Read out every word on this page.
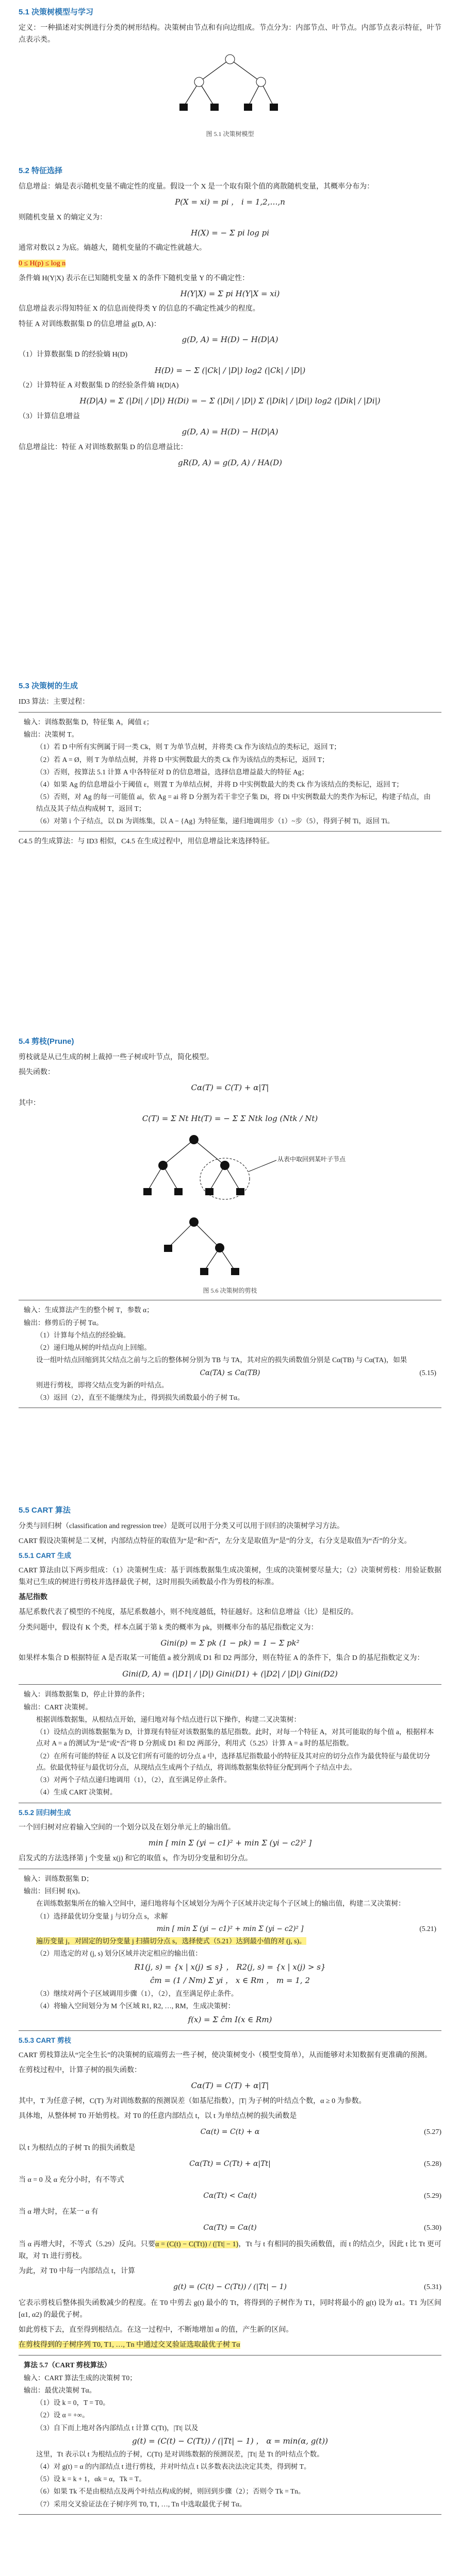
5.1 决策树模型与学习

定义：一种描述对实例进行分类的树形结构。决策树由节点和有向边组成。节点分为：内部节点、叶节点。内部节点表示特征，叶节点表示类。

图 5.1 决策树模型
5.2 特征选择

信息增益：熵是表示随机变量不确定性的度量。假设一个 X 是一个取有限个值的离散随机变量，其概率分布为：

P(X = xi) = pi ， i = 1,2,…,n

则随机变量 X 的熵定义为：

H(X) = − Σ pi log pi

通常对数以 2 为底。熵越大，随机变量的不确定性就越大。

0 ≤ H(p) ≤ log n

条件熵 H(Y|X) 表示在已知随机变量 X 的条件下随机变量 Y 的不确定性：

H(Y|X) = Σ pi H(Y|X = xi)

信息增益表示得知特征 X 的信息而使得类 Y 的信息的不确定性减少的程度。

特征 A 对训练数据集 D 的信息增益 g(D, A)：

g(D, A) = H(D) − H(D|A)

（1）计算数据集 D 的经验熵 H(D)

H(D) = − Σ (|Ck| / |D|) log2 (|Ck| / |D|)

（2）计算特征 A 对数据集 D 的经验条件熵 H(D|A)

H(D|A) = Σ (|Di| / |D|) H(Di) = − Σ (|Di| / |D|) Σ (|Dik| / |Di|) log2 (|Dik| / |Di|)

（3）计算信息增益

g(D, A) = H(D) − H(D|A)

信息增益比：特征 A 对训练数据集 D 的信息增益比：

gR(D, A) = g(D, A) / HA(D)
5.3 决策树的生成

ID3 算法：主要过程：

输入：训练数据集 D，特征集 A，阈值 ε；
输出：决策树 T。
（1）若 D 中所有实例属于同一类 Ck，则 T 为单节点树，并将类 Ck 作为该结点的类标记，返回 T；
（2）若 A = Ø，则 T 为单结点树，并将 D 中实例数最大的类 Ck 作为该结点的类标记，返回 T；
（3）否则，按算法 5.1 计算 A 中各特征对 D 的信息增益，选择信息增益最大的特征 Ag；
（4）如果 Ag 的信息增益小于阈值 ε，则置 T 为单结点树，并将 D 中实例数最大的类 Ck 作为该结点的类标记，返回 T；
（5）否则，对 Ag 的每一可能值 ai，依 Ag = ai 将 D 分割为若干非空子集 Di，将 Di 中实例数最大的类作为标记，构建子结点，由结点及其子结点构成树 T，返回 T；
（6）对第 i 个子结点，以 Di 为训练集，以 A − {Ag} 为特征集，递归地调用步（1）~步（5），得到子树 Ti，返回 Ti。

C4.5 的生成算法：与 ID3 相似，C4.5 在生成过程中，用信息增益比来选择特征。

5.4 剪枝(Prune)

剪枝就是从已生成的树上裁掉一些子树或叶节点，简化模型。

损失函数：

Cα(T) = C(T) + α|T|

其中：

C(T) = Σ Nt Ht(T) = − Σ Σ Ntk log (Ntk / Nt)
从表中取回到某叶子节点
图 5.6 决策树的剪枝
输入：生成算法产生的整个树 T，参数 α；
输出：修剪后的子树 Tα。
（1）计算每个结点的经验熵。
（2）递归地从树的叶结点向上回缩。
设一组叶结点回缩到其父结点之前与之后的整体树分别为 TB 与 TA，其对应的损失函数值分别是 Cα(TB) 与 Cα(TA)，如果
Cα(TA) ≤ Cα(TB)	(5.15)
则进行剪枝，即将父结点变为新的叶结点。
（3）返回（2），直至不能继续为止，得到损失函数最小的子树 Tα。
5.5 CART 算法

分类与回归树（classification and regression tree）是既可以用于分类又可以用于回归的决策树学习方法。

CART 假设决策树是二叉树，内部结点特征的取值为“是”和“否”，左分支是取值为“是”的分支，右分支是取值为“否”的分支。

5.5.1 CART 生成

CART 算法由以下两步组成：（1）决策树生成：基于训练数据集生成决策树，生成的决策树要尽量大；（2）决策树剪枝：用验证数据集对已生成的树进行剪枝并选择最优子树，这时用损失函数最小作为剪枝的标准。

基尼指数

基尼系数代表了模型的不纯度，基尼系数越小，则不纯度越低，特征越好。这和信息增益（比）是相反的。

分类问题中，假设有 K 个类，样本点属于第 k 类的概率为 pk，则概率分布的基尼指数定义为：

Gini(p) = Σ pk (1 − pk) = 1 − Σ pk²

如果样本集合 D 根据特征 A 是否取某一可能值 a 被分割成 D1 和 D2 两部分，则在特征 A 的条件下，集合 D 的基尼指数定义为：

Gini(D, A) = (|D1| / |D|) Gini(D1) + (|D2| / |D|) Gini(D2)
输入：训练数据集 D，停止计算的条件；
输出：CART 决策树。
根据训练数据集，从根结点开始，递归地对每个结点进行以下操作，构建二叉决策树：
（1）设结点的训练数据集为 D，计算现有特征对该数据集的基尼指数。此时，对每一个特征 A，对其可能取的每个值 a，根据样本点对 A = a 的测试为“是”或“否”将 D 分割成 D1 和 D2 两部分，利用式（5.25）计算 A = a 时的基尼指数。
（2）在所有可能的特征 A 以及它们所有可能的切分点 a 中，选择基尼指数最小的特征及其对应的切分点作为最优特征与最优切分点。依最优特征与最优切分点，从现结点生成两个子结点，将训练数据集依特征分配到两个子结点中去。
（3）对两个子结点递归地调用（1），（2），直至满足停止条件。
（4）生成 CART 决策树。
5.5.2 回归树生成

一个回归树对应着输入空间的一个划分以及在划分单元上的输出值。

min [ min Σ (yi − c1)² + min Σ (yi − c2)² ]

启发式的方法选择第 j 个变量 x(j) 和它的取值 s，作为切分变量和切分点。

输入：训练数据集 D；
输出：回归树 f(x)。
在训练数据集所在的输入空间中，递归地将每个区域划分为两个子区域并决定每个子区域上的输出值，构建二叉决策树：
（1）选择最优切分变量 j 与切分点 s，求解
min [ min Σ (yi − c1)² + min Σ (yi − c2)² ]	(5.21)
遍历变量 j，对固定的切分变量 j 扫描切分点 s，选择使式（5.21）达到最小值的对 (j, s)。
（2）用选定的对 (j, s) 划分区域并决定相应的输出值：
R1(j, s) = {x | x(j) ≤ s} ， R2(j, s) = {x | x(j) > s}
ĉm = (1 / Nm) Σ yi ， x ∈ Rm ， m = 1, 2
（3）继续对两个子区域调用步骤（1），（2），直至满足停止条件。
（4）将输入空间划分为 M 个区域 R1, R2, …, RM，生成决策树：
f(x) = Σ ĉm I(x ∈ Rm)
5.5.3 CART 剪枝

CART 剪枝算法从“完全生长”的决策树的底端剪去一些子树，使决策树变小（模型变简单），从而能够对未知数据有更准确的预测。

在剪枝过程中，计算子树的损失函数：

Cα(T) = C(T) + α|T|

其中，T 为任意子树，C(T) 为对训练数据的预测误差（如基尼指数），|T| 为子树的叶结点个数，α ≥ 0 为参数。

具体地，从整体树 T0 开始剪枝。对 T0 的任意内部结点 t，以 t 为单结点树的损失函数是

Cα(t) = C(t) + α	(5.27)

以 t 为根结点的子树 Tt 的损失函数是

Cα(Tt) = C(Tt) + α|Tt|	(5.28)

当 α = 0 及 α 充分小时，有不等式

Cα(Tt) < Cα(t)	(5.29)

当 α 增大时，在某一 α 有

Cα(Tt) = Cα(t)	(5.30)

当 α 再增大时，不等式（5.29）反向。只要α = (C(t) − C(Tt)) / (|Tt| − 1)，Tt 与 t 有相同的损失函数值，而 t 的结点少，因此 t 比 Tt 更可取，对 Tt 进行剪枝。

为此，对 T0 中每一内部结点 t，计算

g(t) = (C(t) − C(Tt)) / (|Tt| − 1)	(5.31)

它表示剪枝后整体损失函数减少的程度。在 T0 中剪去 g(t) 最小的 Tt，将得到的子树作为 T1，同时将最小的 g(t) 设为 α1。T1 为区间 [α1, α2) 的最优子树。

如此剪枝下去，直至得到根结点。在这一过程中，不断地增加 α 的值，产生新的区间。

在剪枝得到的子树序列 T0, T1, …, Tn 中通过交叉验证选取最优子树 Tα

算法 5.7（CART 剪枝算法）
输入：CART 算法生成的决策树 T0；
输出：最优决策树 Tα。
（1）设 k = 0，T = T0。
（2）设 α = +∞。
（3）自下而上地对各内部结点 t 计算 C(Tt)，|Tt| 以及
g(t) = (C(t) − C(Tt)) / (|Tt| − 1) ， α = min(α, g(t))
这里，Tt 表示以 t 为根结点的子树，C(Tt) 是对训练数据的预测误差，|Tt| 是 Tt 的叶结点个数。
（4）对 g(t) = α 的内部结点 t 进行剪枝，并对叶结点 t 以多数表决法决定其类，得到树 T。
（5）设 k = k + 1，αk = α，Tk = T。
（6）如果 Tk 不是由根结点及两个叶结点构成的树，则回到步骤（2）；否则令 Tk = Tn。
（7）采用交叉验证法在子树序列 T0, T1, …, Tn 中选取最优子树 Tα。
